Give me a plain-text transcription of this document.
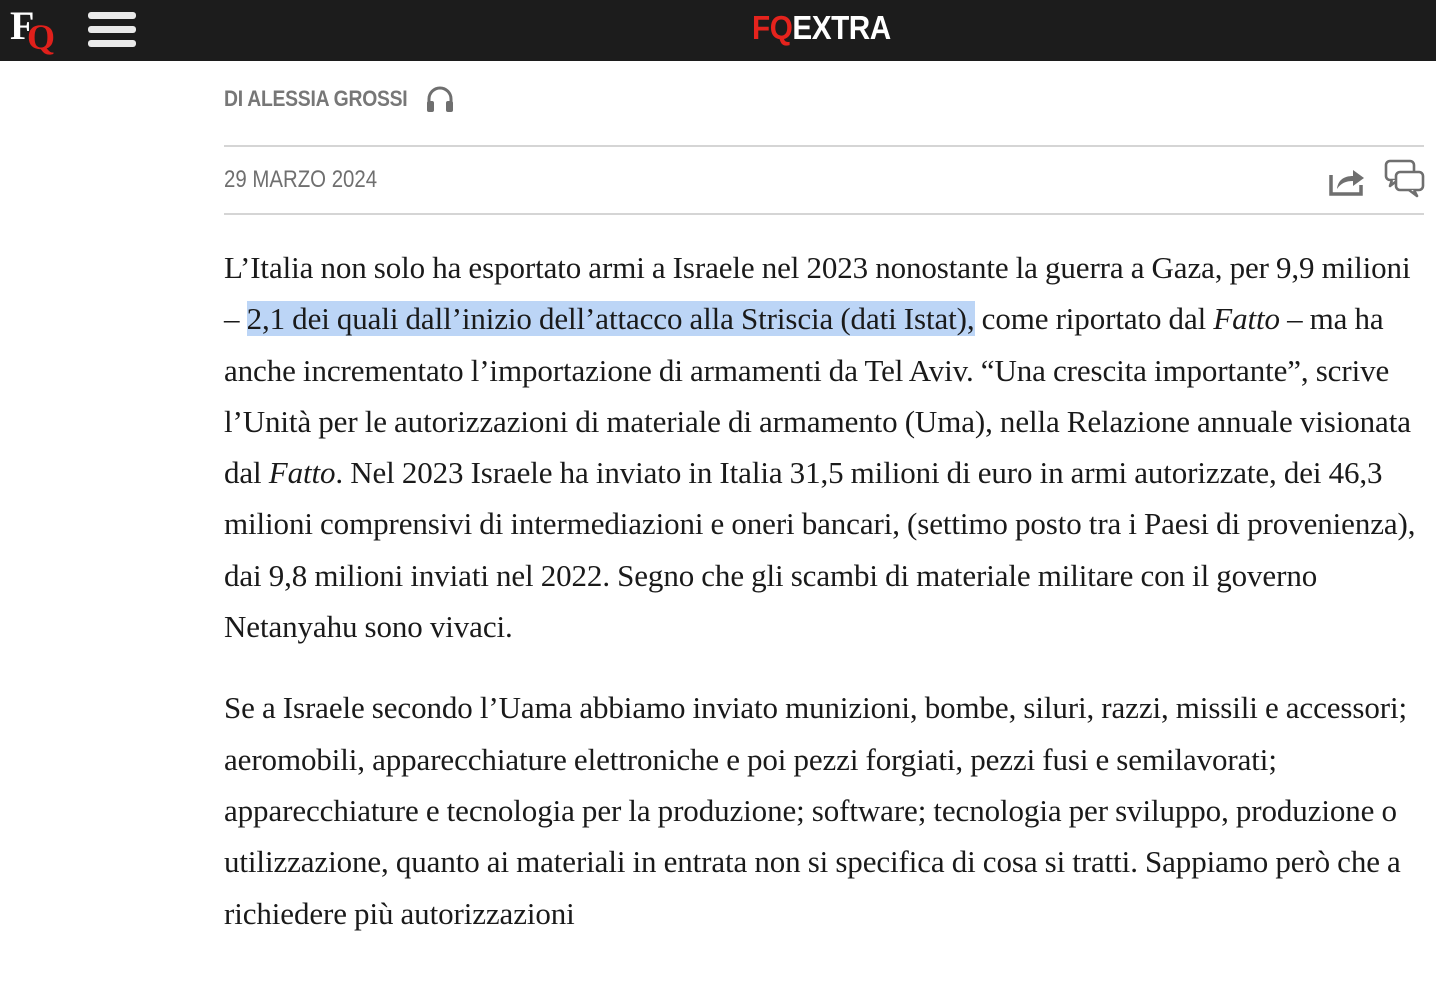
F
Q	FQEXTRA
DI ALESSIA GROSSI
29 MARZO 2024

L’Italia non solo ha esportato armi a Israele nel 2023 nonostante la guerra a Gaza, per 9,9 milioni – 2,1 dei quali dall’inizio dell’attacco alla Striscia (dati Istat), come riportato dal Fatto – ma ha anche incrementato l’importazione di armamenti da Tel Aviv. “Una crescita importante”, scrive l’Unità per le autorizzazioni di materiale di armamento (Uma), nella Relazione annuale visionata dal Fatto. Nel 2023 Israele ha inviato in Italia 31,5 milioni di euro in armi autorizzate, dei 46,3 milioni comprensivi di intermediazioni e oneri bancari, (settimo posto tra i Paesi di provenienza), dai 9,8 milioni inviati nel 2022. Segno che gli scambi di materiale militare con il governo Netanyahu sono vivaci.

Se a Israele secondo l’Uama abbiamo inviato munizioni, bombe, siluri, razzi, missili e accessori; aeromobili, apparecchiature elettroniche e poi pezzi forgiati, pezzi fusi e semilavorati; apparecchiature e tecnologia per la produzione; software; tecnologia per sviluppo, produzione o utilizzazione, quanto ai materiali in entrata non si specifica di cosa si tratti. Sappiamo però che a richiedere più autorizzazioni
